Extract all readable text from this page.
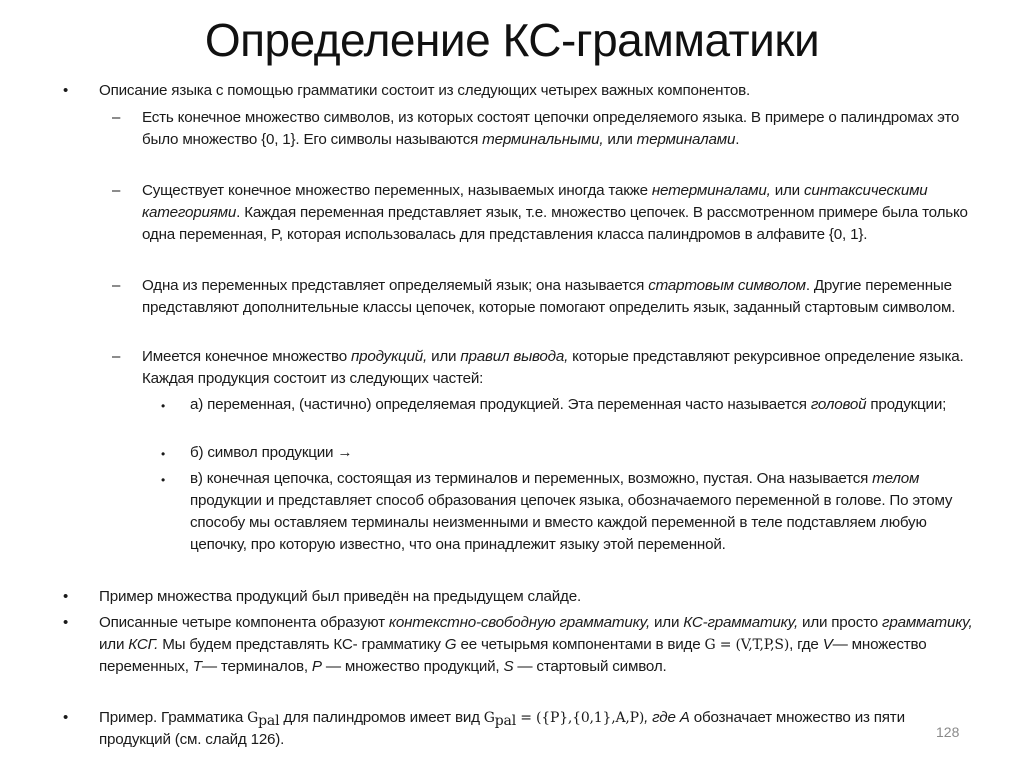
Определение КС-грамматики
• Описание языка с помощью грамматики состоит из следующих четырех важных компонентов.
– Есть конечное множество символов, из которых состоят цепочки определяемого языка. В примере о палиндромах это было множество {0, 1}. Его символы называются терминальными, или терминалами.
– Существует конечное множество переменных, называемых иногда также нетерминалами, или синтаксическими категориями. Каждая переменная представляет язык, т.е. множество цепочек. В рассмотренном примере была только одна переменная, P, которая использовалась для представления класса палиндромов в алфавите {0, 1}.
– Одна из переменных представляет определяемый язык; она называется стартовым символом. Другие переменные представляют дополнительные классы цепочек, которые помогают определить язык, заданный стартовым символом.
– Имеется конечное множество продукций, или правил вывода, которые представляют рекурсивное определение языка. Каждая продукция состоит из следующих частей:
• а) переменная, (частично) определяемая продукцией. Эта переменная часто называется головой продукции;
• б) символ продукции →
• в) конечная цепочка, состоящая из терминалов и переменных, возможно, пустая. Она называется телом продукции и представляет способ образования цепочек языка, обозначаемого переменной в голове. По этому способу мы оставляем терминалы неизменными и вместо каждой переменной в теле подставляем любую цепочку, про которую известно, что она принадлежит языку этой переменной.
• Пример множества продукций был приведён на предыдущем слайде.
• Описанные четыре компонента образуют контекстно-свободную грамматику, или КС-грамматику, или просто грамматику, или КСГ. Мы будем представлять КС- грамматику G ее четырьмя компонентами в виде G = (V,T,P,S), где V— множество переменных, T— терминалов, P — множество продукций, S — стартовый символ.
• Пример. Грамматика $G_{pal}$ для палиндромов имеет вид $G_{pal} = (\{P\},\{0,1\},A,P)$, где A обозначает множество из пяти продукций (см. слайд 126).	128
